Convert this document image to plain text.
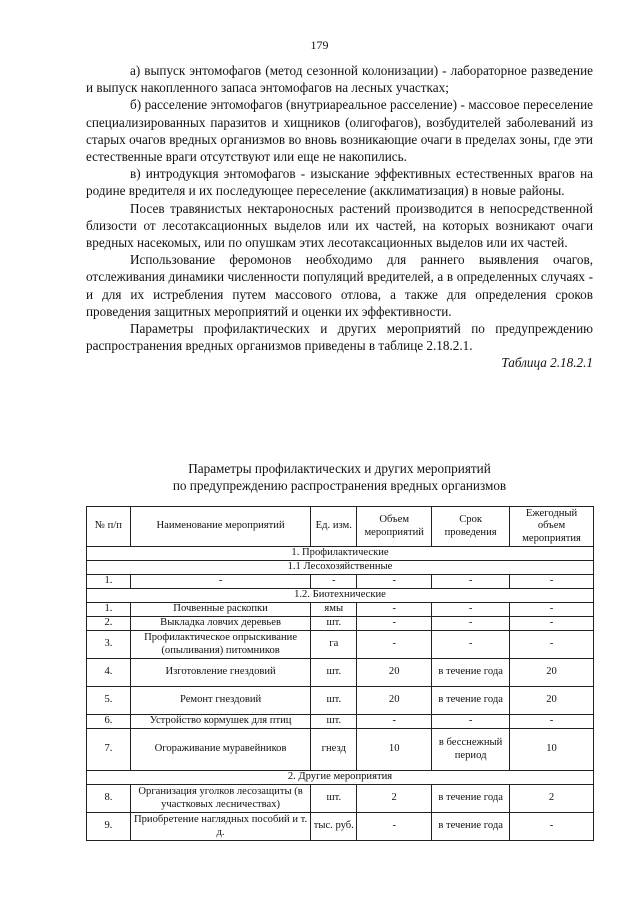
179

а) выпуск энтомофагов (метод сезонной колонизации) - лабораторное разведение и выпуск накопленного запаса энтомофагов на лесных участках;

б) расселение энтомофагов (внутриареальное расселение) - массовое переселение специализированных паразитов и хищников (олигофагов), возбудителей заболеваний из старых очагов вредных организмов во вновь возникающие очаги в пределах зоны, где эти естественные враги отсутствуют или еще не накопились.

в) интродукция энтомофагов - изыскание эффективных естественных врагов на родине вредителя и их последующее переселение (акклиматизация) в новые районы.

Посев травянистых нектароносных растений производится в непосредственной близости от лесотаксационных выделов или их частей, на которых возникают очаги вредных насекомых, или по опушкам этих лесотаксационных выделов или их частей.

Использование феромонов необходимо для раннего выявления очагов, отслеживания динамики численности популяций вредителей, а в определенных случаях - и для их истребления путем массового отлова, а также для определения сроков проведения защитных мероприятий и оценки их эффективности.

Параметры профилактических и других мероприятий по предупреждению распространения вредных организмов приведены в таблице 2.18.2.1.

Таблица 2.18.2.1

Параметры профилактических и других мероприятий
по предупреждению распространения вредных организмов
№ п/п	Наименование мероприятий	Ед. изм.	Объем мероприятий	Срок проведения	Ежегодный объем мероприятия
1. Профилактические					
1.1 Лесохозяйственные					
1.	-	-	-	-	-
1.2. Биотехнические					
1.	Почвенные раскопки	ямы	-	-	-
2.	Выкладка ловчих деревьев	шт.	-	-	-
3.	Профилактическое опрыскивание (опыливания) питомников	га	-	-	-
4.	Изготовление гнездовий	шт.	20	в течение года	20
5.	Ремонт гнездовий	шт.	20	в течение года	20
6.	Устройство кормушек для птиц	шт.	-	-	-
7.	Огораживание муравейников	гнезд	10	в бесснежный период	10
2. Другие мероприятия					
8.	Организация уголков лесозащиты (в участковых лесничествах)	шт.	2	в течение года	2
9.	Приобретение наглядных пособий и т. д.	тыс. руб.	-	в течение года	-
